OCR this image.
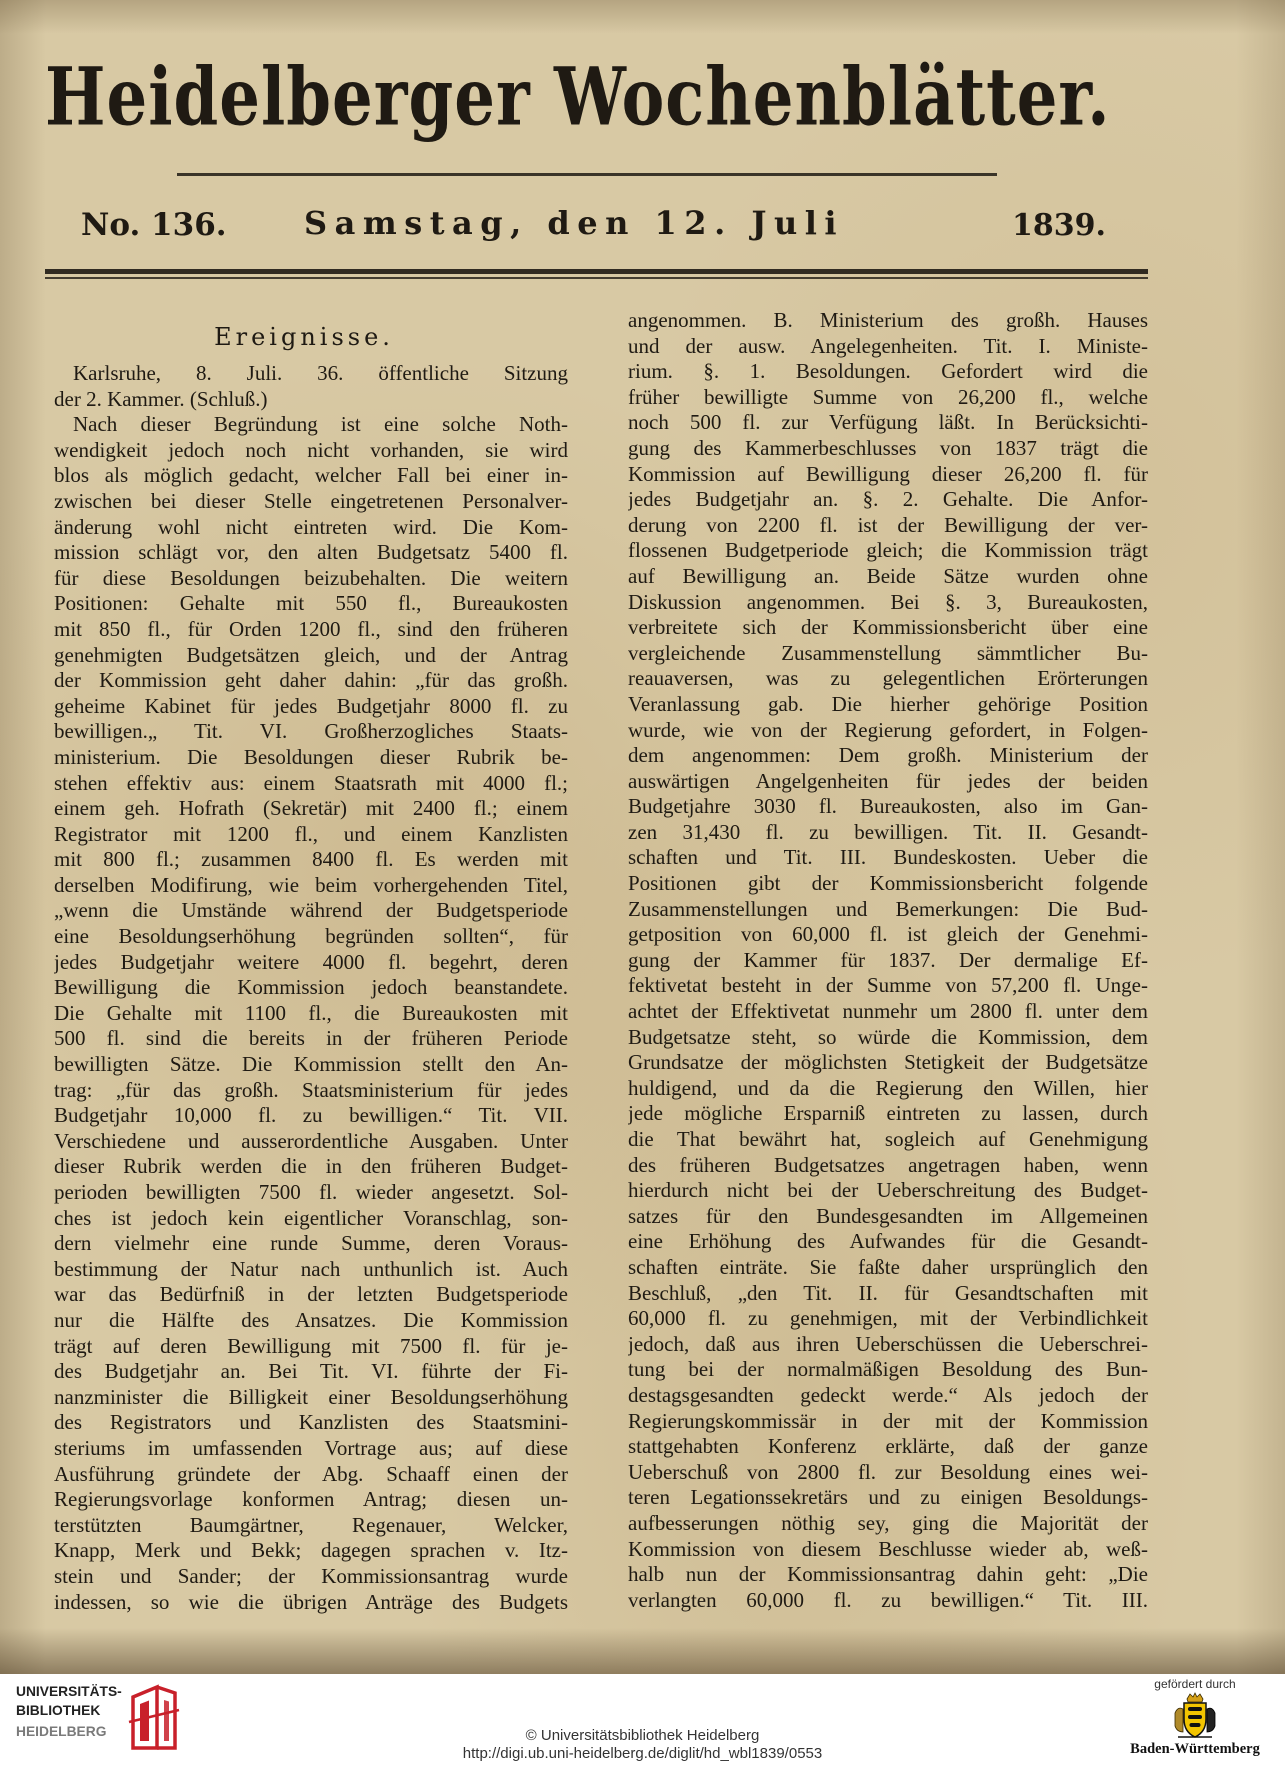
Heidelberger Wochenblätter.
No. 136. Samstag, den 12. Juli	1839.
Ereignisse.
Karlsruhe, 8. Juli. 36. öffentliche Sitzung
der 2. Kammer. (Schluß.)
Nach dieser Begründung ist eine solche Noth-
wendigkeit jedoch noch nicht vorhanden, sie wird
blos als möglich gedacht, welcher Fall bei einer in-
zwischen bei dieser Stelle eingetretenen Personalver-
änderung wohl nicht eintreten wird. Die Kom-
mission schlägt vor, den alten Budgetsatz 5400 fl.
für diese Besoldungen beizubehalten. Die weitern
Positionen: Gehalte mit 550 fl., Bureaukosten
mit 850 fl., für Orden 1200 fl., sind den früheren
genehmigten Budgetsätzen gleich, und der Antrag
der Kommission geht daher dahin: „für das großh.
geheime Kabinet für jedes Budgetjahr 8000 fl. zu
bewilligen.„ Tit. VI. Großherzogliches Staats-
ministerium. Die Besoldungen dieser Rubrik be-
stehen effektiv aus: einem Staatsrath mit 4000 fl.;
einem geh. Hofrath (Sekretär) mit 2400 fl.; einem
Registrator mit 1200 fl., und einem Kanzlisten
mit 800 fl.; zusammen 8400 fl. Es werden mit
derselben Modifirung, wie beim vorhergehenden Titel,
„wenn die Umstände während der Budgetsperiode
eine Besoldungserhöhung begründen sollten“, für
jedes Budgetjahr weitere 4000 fl. begehrt, deren
Bewilligung die Kommission jedoch beanstandete.
Die Gehalte mit 1100 fl., die Bureaukosten mit
500 fl. sind die bereits in der früheren Periode
bewilligten Sätze. Die Kommission stellt den An-
trag: „für das großh. Staatsministerium für jedes
Budgetjahr 10,000 fl. zu bewilligen.“ Tit. VII.
Verschiedene und ausserordentliche Ausgaben. Unter
dieser Rubrik werden die in den früheren Budget-
perioden bewilligten 7500 fl. wieder angesetzt. Sol-
ches ist jedoch kein eigentlicher Voranschlag, son-
dern vielmehr eine runde Summe, deren Voraus-
bestimmung der Natur nach unthunlich ist. Auch
war das Bedürfniß in der letzten Budgetsperiode
nur die Hälfte des Ansatzes. Die Kommission
trägt auf deren Bewilligung mit 7500 fl. für je-
des Budgetjahr an. Bei Tit. VI. führte der Fi-
nanzminister die Billigkeit einer Besoldungserhöhung
des Registrators und Kanzlisten des Staatsmini-
steriums im umfassenden Vortrage aus; auf diese
Ausführung gründete der Abg. Schaaff einen der
Regierungsvorlage konformen Antrag; diesen un-
terstützten Baumgärtner, Regenauer, Welcker,
Knapp, Merk und Bekk; dagegen sprachen v. Itz-
stein und Sander; der Kommissionsantrag wurde
indessen, so wie die übrigen Anträge des Budgets
angenommen. B. Ministerium des großh. Hauses
und der ausw. Angelegenheiten. Tit. I. Ministe-
rium. §. 1. Besoldungen. Gefordert wird die
früher bewilligte Summe von 26,200 fl., welche
noch 500 fl. zur Verfügung läßt. In Berücksichti-
gung des Kammerbeschlusses von 1837 trägt die
Kommission auf Bewilligung dieser 26,200 fl. für
jedes Budgetjahr an. §. 2. Gehalte. Die Anfor-
derung von 2200 fl. ist der Bewilligung der ver-
flossenen Budgetperiode gleich; die Kommission trägt
auf Bewilligung an. Beide Sätze wurden ohne
Diskussion angenommen. Bei §. 3, Bureaukosten,
verbreitete sich der Kommissionsbericht über eine
vergleichende Zusammenstellung sämmtlicher Bu-
reauaversen, was zu gelegentlichen Erörterungen
Veranlassung gab. Die hierher gehörige Position
wurde, wie von der Regierung gefordert, in Folgen-
dem angenommen: Dem großh. Ministerium der
auswärtigen Angelgenheiten für jedes der beiden
Budgetjahre 3030 fl. Bureaukosten, also im Gan-
zen 31,430 fl. zu bewilligen. Tit. II. Gesandt-
schaften und Tit. III. Bundeskosten. Ueber die
Positionen gibt der Kommissionsbericht folgende
Zusammenstellungen und Bemerkungen: Die Bud-
getposition von 60,000 fl. ist gleich der Genehmi-
gung der Kammer für 1837. Der dermalige Ef-
fektivetat besteht in der Summe von 57,200 fl. Unge-
achtet der Effektivetat nunmehr um 2800 fl. unter dem
Budgetsatze steht, so würde die Kommission, dem
Grundsatze der möglichsten Stetigkeit der Budgetsätze
huldigend, und da die Regierung den Willen, hier
jede mögliche Ersparniß eintreten zu lassen, durch
die That bewährt hat, sogleich auf Genehmigung
des früheren Budgetsatzes angetragen haben, wenn
hierdurch nicht bei der Ueberschreitung des Budget-
satzes für den Bundesgesandten im Allgemeinen
eine Erhöhung des Aufwandes für die Gesandt-
schaften einträte. Sie faßte daher ursprünglich den
Beschluß, „den Tit. II. für Gesandtschaften mit
60,000 fl. zu genehmigen, mit der Verbindlichkeit
jedoch, daß aus ihren Ueberschüssen die Ueberschrei-
tung bei der normalmäßigen Besoldung des Bun-
destagsgesandten gedeckt werde.“ Als jedoch der
Regierungskommissär in der mit der Kommission
stattgehabten Konferenz erklärte, daß der ganze
Ueberschuß von 2800 fl. zur Besoldung eines wei-
teren Legationssekretärs und zu einigen Besoldungs-
aufbesserungen nöthig sey, ging die Majorität der
Kommission von diesem Beschlusse wieder ab, weß-
halb nun der Kommissionsantrag dahin geht: „Die
verlangten 60,000 fl. zu bewilligen.“ Tit. III.
UNIVERSITÄTS-
BIBLIOTHEK
HEIDELBERG	© Universitätsbibliothek Heidelberg
http://digi.ub.uni-heidelberg.de/diglit/hd_wbl1839/0553
gefördert durch
Baden-Württemberg
